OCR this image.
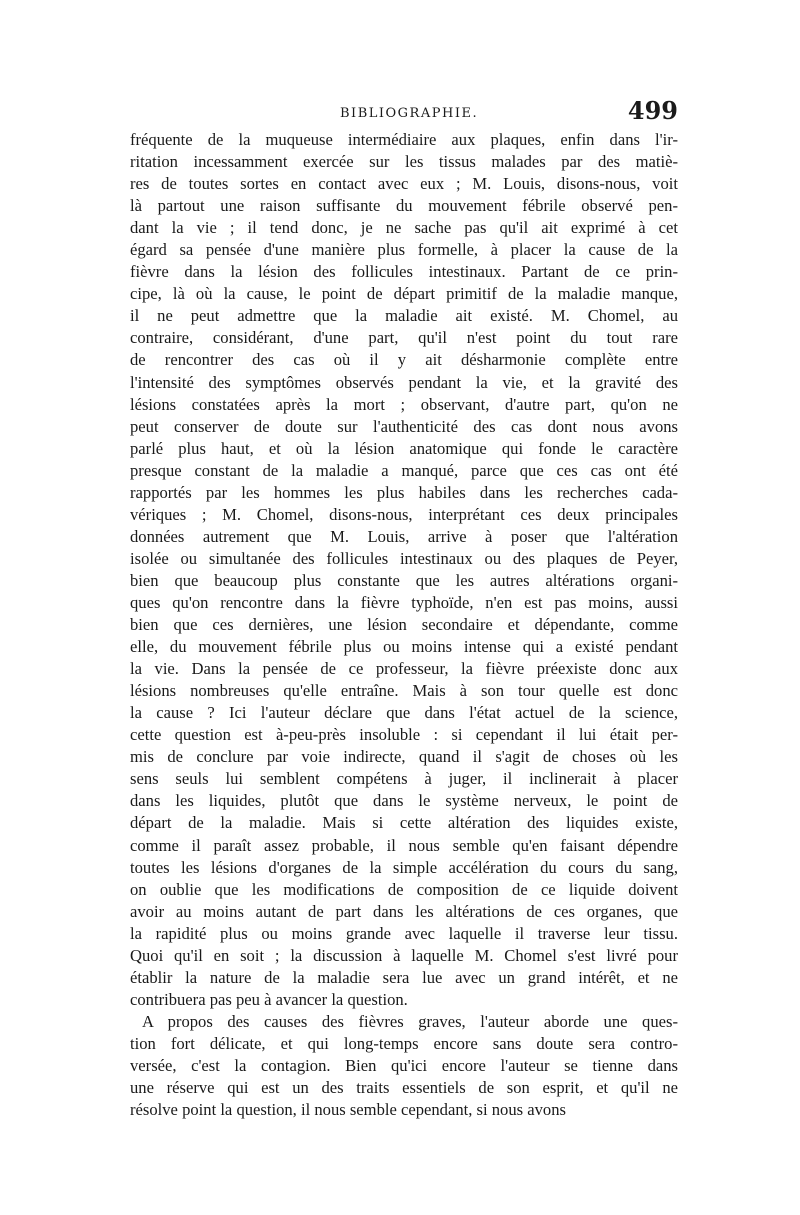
BIBLIOGRAPHIE.	499
fréquente de la muqueuse intermédiaire aux plaques, enfin dans l'ir-
ritation incessamment exercée sur les tissus malades par des matiè-
res de toutes sortes en contact avec eux ; M. Louis, disons-nous, voit
là partout une raison suffisante du mouvement fébrile observé pen-
dant la vie ; il tend donc, je ne sache pas qu'il ait exprimé à cet
égard sa pensée d'une manière plus formelle, à placer la cause de la
fièvre dans la lésion des follicules intestinaux. Partant de ce prin-
cipe, là où la cause, le point de départ primitif de la maladie manque,
il ne peut admettre que la maladie ait existé. M. Chomel, au
contraire, considérant, d'une part, qu'il n'est point du tout rare
de rencontrer des cas où il y ait désharmonie complète entre
l'intensité des symptômes observés pendant la vie, et la gravité des
lésions constatées après la mort ; observant, d'autre part, qu'on ne
peut conserver de doute sur l'authenticité des cas dont nous avons
parlé plus haut, et où la lésion anatomique qui fonde le caractère
presque constant de la maladie a manqué, parce que ces cas ont été
rapportés par les hommes les plus habiles dans les recherches cada-
vériques ; M. Chomel, disons-nous, interprétant ces deux principales
données autrement que M. Louis, arrive à poser que l'altération
isolée ou simultanée des follicules intestinaux ou des plaques de Peyer,
bien que beaucoup plus constante que les autres altérations organi-
ques qu'on rencontre dans la fièvre typhoïde, n'en est pas moins, aussi
bien que ces dernières, une lésion secondaire et dépendante, comme
elle, du mouvement fébrile plus ou moins intense qui a existé pendant
la vie. Dans la pensée de ce professeur, la fièvre préexiste donc aux
lésions nombreuses qu'elle entraîne. Mais à son tour quelle est donc
la cause ? Ici l'auteur déclare que dans l'état actuel de la science,
cette question est à-peu-près insoluble : si cependant il lui était per-
mis de conclure par voie indirecte, quand il s'agit de choses où les
sens seuls lui semblent compétens à juger, il inclinerait à placer
dans les liquides, plutôt que dans le système nerveux, le point de
départ de la maladie. Mais si cette altération des liquides existe,
comme il paraît assez probable, il nous semble qu'en faisant dépendre
toutes les lésions d'organes de la simple accélération du cours du sang,
on oublie que les modifications de composition de ce liquide doivent
avoir au moins autant de part dans les altérations de ces organes, que
la rapidité plus ou moins grande avec laquelle il traverse leur tissu.
Quoi qu'il en soit ; la discussion à laquelle M. Chomel s'est livré pour
établir la nature de la maladie sera lue avec un grand intérêt, et ne
contribuera pas peu à avancer la question.
A propos des causes des fièvres graves, l'auteur aborde une ques-
tion fort délicate, et qui long-temps encore sans doute sera contro-
versée, c'est la contagion. Bien qu'ici encore l'auteur se tienne dans
une réserve qui est un des traits essentiels de son esprit, et qu'il ne
résolve point la question, il nous semble cependant, si nous avons
